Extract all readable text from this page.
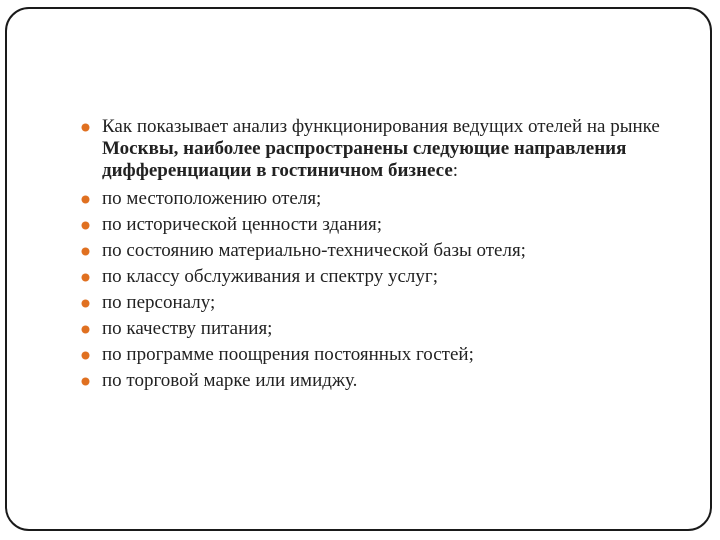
Как показывает анализ функционирования ведущих отелей на рынке Москвы, наиболее распространены следующие направления дифференциации в гостиничном бизнесе:
по местоположению отеля;
по исторической ценности здания;
по состоянию материально-технической базы отеля;
по классу обслуживания и спектру услуг;
по персоналу;
по качеству питания;
по программе поощрения постоянных гостей;
по торговой марке или имиджу.
